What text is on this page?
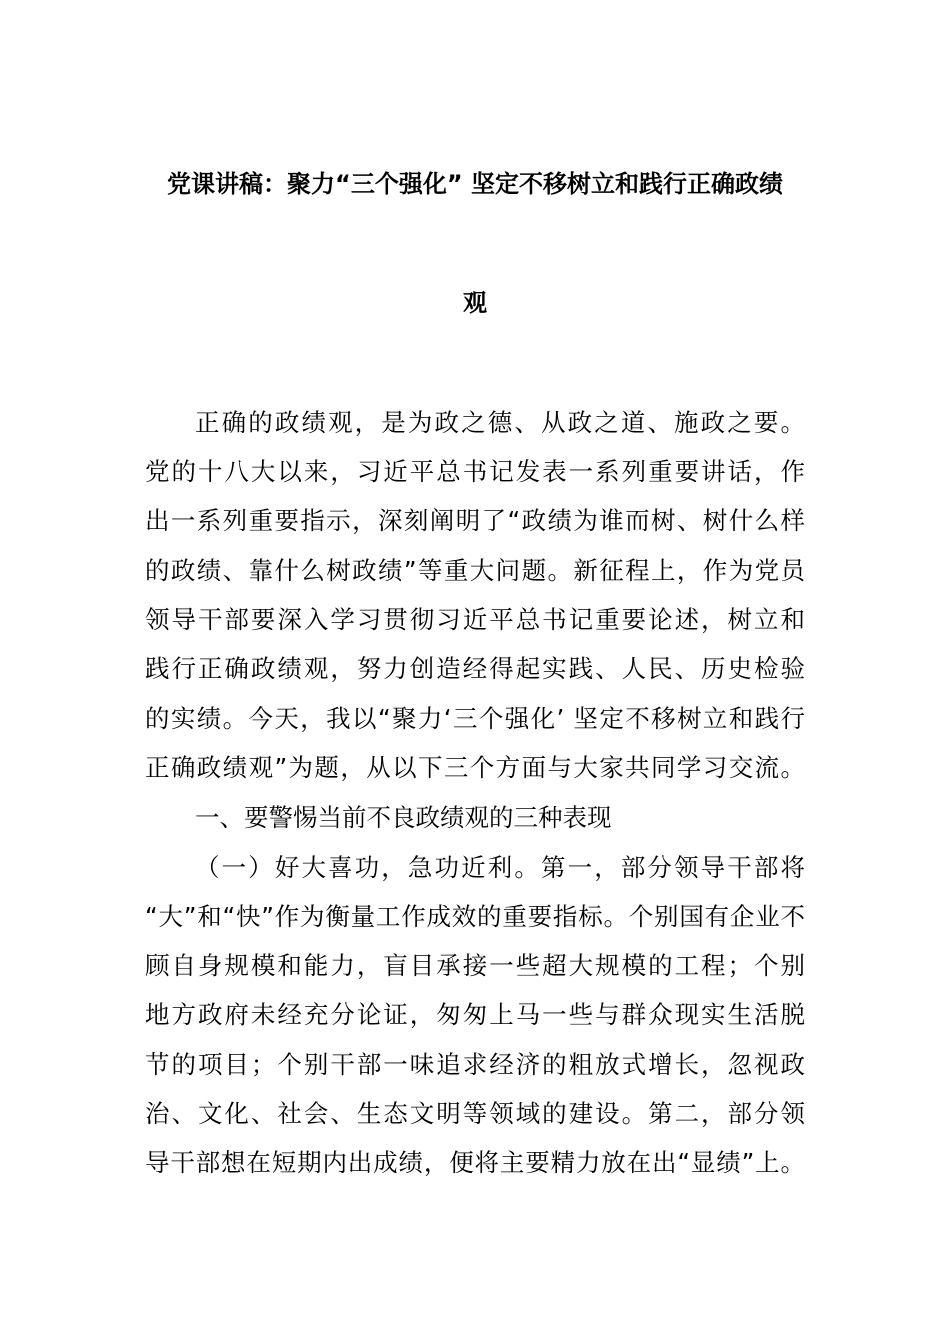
党课讲稿：聚力“三个强化” 坚定不移树立和践行正确政绩
观
正确的政绩观，是为政之德、从政之道、施政之要。
党的十八大以来，习近平总书记发表一系列重要讲话，作
出一系列重要指示，深刻阐明了“政绩为谁而树、树什么样
的政绩、靠什么树政绩”等重大问题。新征程上，作为党员
领导干部要深入学习贯彻习近平总书记重要论述，树立和
践行正确政绩观，努力创造经得起实践、人民、历史检验
的实绩。今天，我以“聚力‘三个强化’ 坚定不移树立和践行
正确政绩观”为题，从以下三个方面与大家共同学习交流。
一、要警惕当前不良政绩观的三种表现
（一）好大喜功，急功近利。第一，部分领导干部将
“大”和“快”作为衡量工作成效的重要指标。个别国有企业不
顾自身规模和能力，盲目承接一些超大规模的工程；个别
地方政府未经充分论证，匆匆上马一些与群众现实生活脱
节的项目；个别干部一味追求经济的粗放式增长，忽视政
治、文化、社会、生态文明等领域的建设。第二，部分领
导干部想在短期内出成绩，便将主要精力放在出“显绩”上。
